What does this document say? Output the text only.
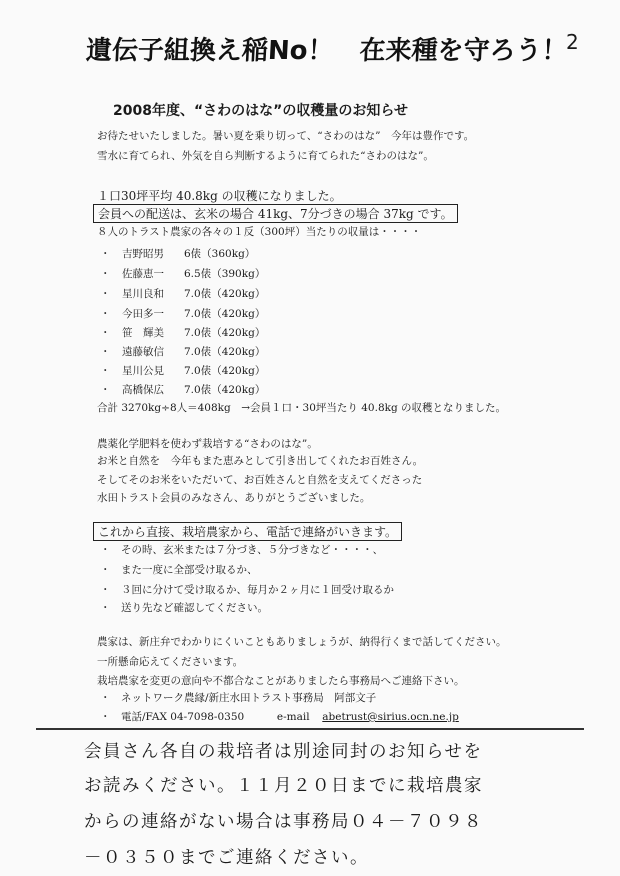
遺伝子組換え稲No！　在来種を守ろう！
2
2008年度、“さわのはな”の収穫量のお知らせ
お待たせいたしました。暑い夏を乗り切って、“さわのはな”　今年は豊作です。
雪水に育てられ、外気を自ら判断するように育てられた“さわのはな”。
１口30坪平均 40.8kg の収穫になりました。
会員への配送は、玄米の場合 41kg、7分づきの場合 37kg です。
８人のトラスト農家の各々の１反（300坪）当たりの収量は・・・・
・ 吉野昭男 6俵（360kg）
・ 佐藤恵一 6.5俵（390kg）
・ 星川良和 7.0俵（420kg）
・ 今田多一 7.0俵（420kg）
・ 笹　輝美 7.0俵（420kg）
・ 遠藤敏信 7.0俵（420kg）
・ 星川公見 7.0俵（420kg）
・ 高橋保広 7.0俵（420kg）
合計 3270kg÷8人＝408kg　→会員１口・30坪当たり 40.8kg の収穫となりました。
農薬化学肥料を使わず栽培する“さわのはな”。
お米と自然を　今年もまた恵みとして引き出してくれたお百姓さん。
そしてそのお米をいただいて、お百姓さんと自然を支えてくださった
水田トラスト会員のみなさん、ありがとうございました。
これから直接、栽培農家から、電話で連絡がいきます。
・　その時、玄米または７分づき、５分づきなど・・・・、
・　また一度に全部受け取るか、
・　３回に分けて受け取るか、毎月か２ヶ月に１回受け取るか
・　送り先など確認してください。
農家は、新庄弁でわかりにくいこともありましょうが、納得行くまで話してください。
一所懸命応えてくださいます。
栽培農家を変更の意向や不都合なことがありましたら事務局へご連絡下さい。
・　ネットワーク農縁/新庄水田トラスト事務局　阿部文子
・　電話/FAX 04-7098-0350	e-mail abetrust@sirius.ocn.ne.jp
会員さん各自の栽培者は別途同封のお知らせを
お読みください。１１月２０日までに栽培農家
からの連絡がない場合は事務局０４－７０９８
－０３５０までご連絡ください。
